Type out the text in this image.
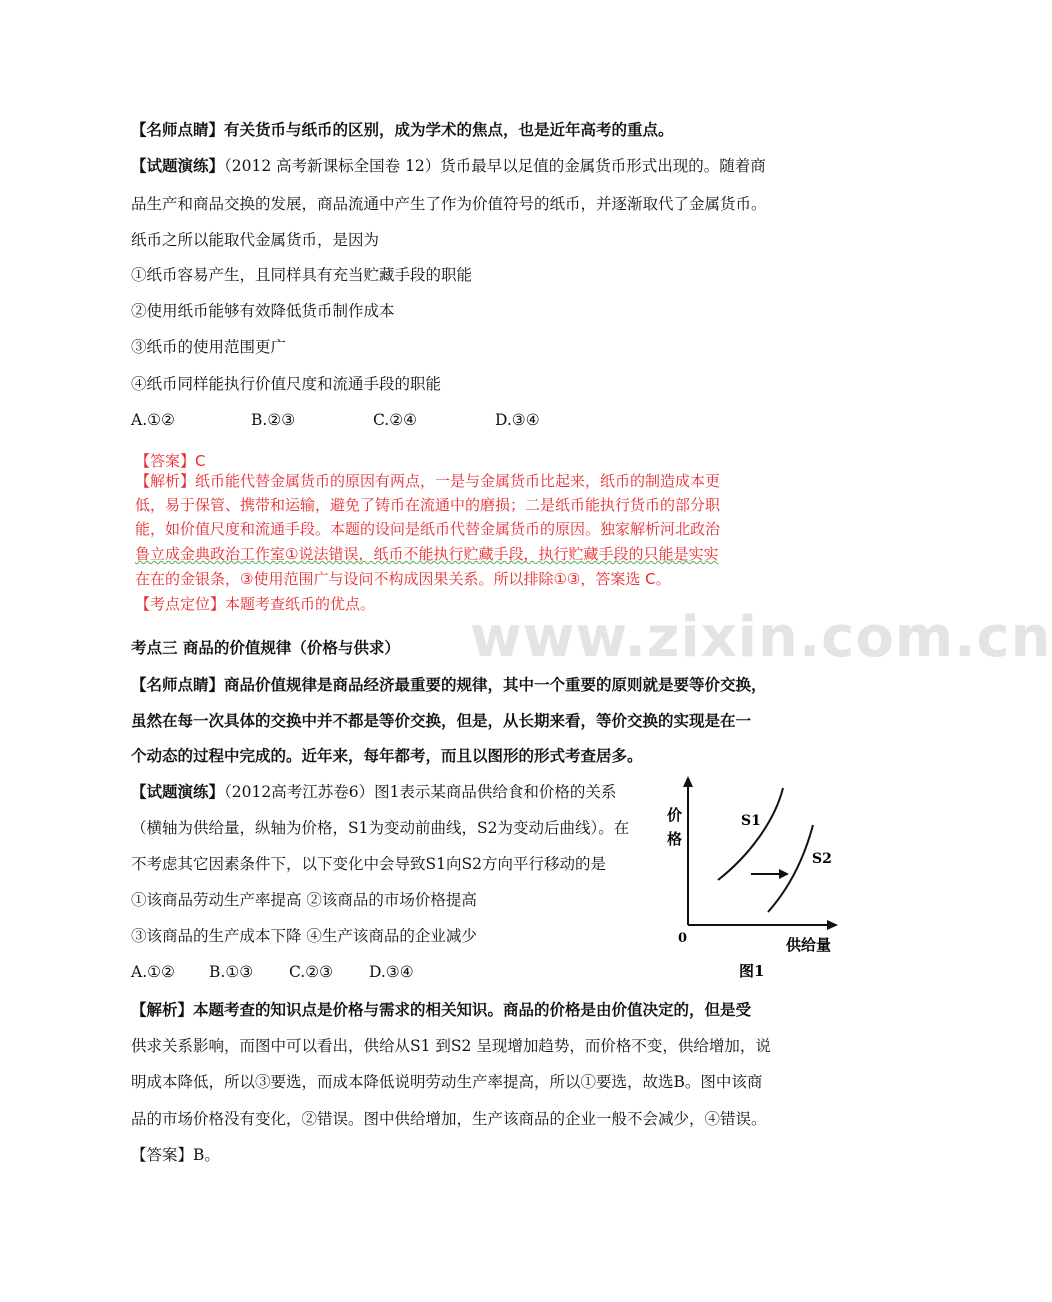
www.zixin.com.cn
【名师点睛】有关货币与纸币的区别，成为学术的焦点，也是近年高考的重点。
【试题演练】（2012 高考新课标全国卷 12）货币最早以足值的金属货币形式出现的。随着商
品生产和商品交换的发展，商品流通中产生了作为价值符号的纸币，并逐渐取代了金属货币。
纸币之所以能取代金属货币，是因为
①纸币容易产生，且同样具有充当贮藏手段的职能
②使用纸币能够有效降低货币制作成本
③纸币的使用范围更广
④纸币同样能执行价值尺度和流通手段的职能
A.①②	B.②③	C.②④	D.③④
【答案】C
【解析】纸币能代替金属货币的原因有两点，一是与金属货币比起来，纸币的制造成本更
低，易于保管、携带和运输，避免了铸币在流通中的磨损；二是纸币能执行货币的部分职
能，如价值尺度和流通手段。本题的设问是纸币代替金属货币的原因。独家解析河北政治
鲁立成金典政治工作室①说法错误，纸币不能执行贮藏手段，执行贮藏手段的只能是实实
在在的金银条，③使用范围广与设问不构成因果关系。所以排除①③，答案选 C。
【考点定位】本题考查纸币的优点。
考点三 商品的价值规律（价格与供求）
【名师点睛】商品价值规律是商品经济最重要的规律，其中一个重要的原则就是要等价交换，
虽然在每一次具体的交换中并不都是等价交换，但是，从长期来看，等价交换的实现是在一
个动态的过程中完成的。近年来，每年都考，而且以图形的形式考查居多。
【试题演练】（2012高考江苏卷6）图1表示某商品供给食和价格的关系
（横轴为供给量，纵轴为价格，S1为变动前曲线，S2为变动后曲线）。在
不考虑其它因素条件下，以下变化中会导致S1向S2方向平行移动的是
①该商品劳动生产率提高 ②该商品的市场价格提高
③该商品的生产成本下降 ④生产该商品的企业减少
A.①② B.①③ C.②③ D.③④
价
格
0	供给量
S1
S2
图1
【解析】本题考查的知识点是价格与需求的相关知识。商品的价格是由价值决定的，但是受
供求关系影响，而图中可以看出，供给从S1 到S2 呈现增加趋势，而价格不变，供给增加，说
明成本降低，所以③要选，而成本降低说明劳动生产率提高，所以①要选，故选B。图中该商
品的市场价格没有变化，②错误。图中供给增加，生产该商品的企业一般不会减少，④错误。
【答案】B。
